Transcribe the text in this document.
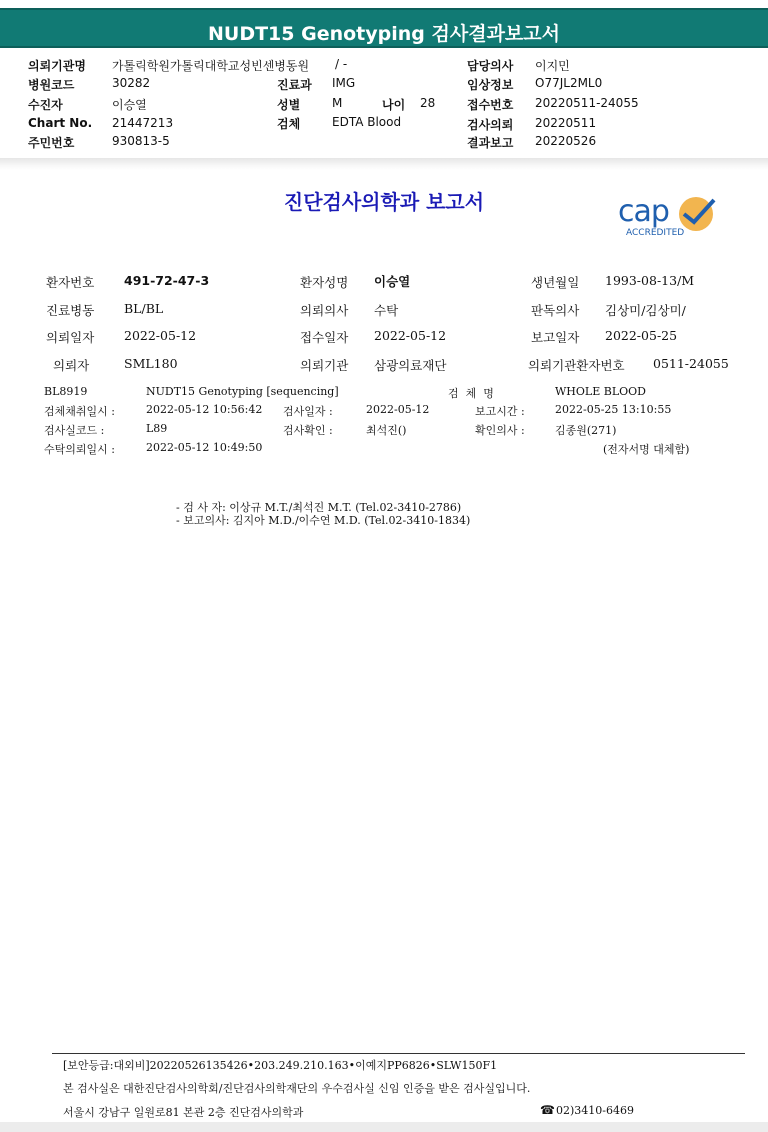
NUDT15 Genotyping 검사결과보고서
의뢰기관명 가톨릭학원가톨릭대학교성빈센병동원 / -
병원코드	30282
수진자	이승열
Chart No. 21447213
주민번호	930813-5
진료과 IMG
성별	M	나이 28
검체	EDTA Blood
담당의사 이지민
임상정보 O77JL2ML0
접수번호 20220511-24055
검사의뢰 20220511
결과보고 20220526
진단검사의학과 보고서	cap
ACCREDITED
환자번호 491-72-47-3	환자성명 이승열	생년월일 1993-08-13/M
진료병동 BL/BL	의뢰의사 수탁	판독의사 김상미/김상미/
의뢰일자 2022-05-12	접수일자 2022-05-12	보고일자 2022-05-25
의뢰자	SML180	의뢰기관 삼광의료재단	의뢰기관환자번호 0511-24055
BL8919	NUDT15 Genotyping [sequencing]	검  체  명	WHOLE BLOOD
검체채취일시 :	2022-05-12 10:56:42 검사일자 :	2022-05-12	보고시간 :	2022-05-25 13:10:55
검사실코드 :	L89	검사확인 :	최석진()	확인의사 :	김종원(271)
수탁의뢰일시 :	2022-05-12 10:49:50	(전자서명 대체함)
- 검 사 자: 이상규 M.T./최석진 M.T. (Tel.02-3410-2786)
- 보고의사: 김지아 M.D./이수연 M.D. (Tel.02-3410-1834)
[보안등급:대외비]20220526135426•203.249.210.163•이예지PP6826•SLW150F1
본 검사실은 대한진단검사의학회/진단검사의학재단의 우수검사실 신임 인증을 받은 검사실입니다.
서울시 강남구 일원로81 본관 2층 진단검사의학과	☎ 02)3410-6469
